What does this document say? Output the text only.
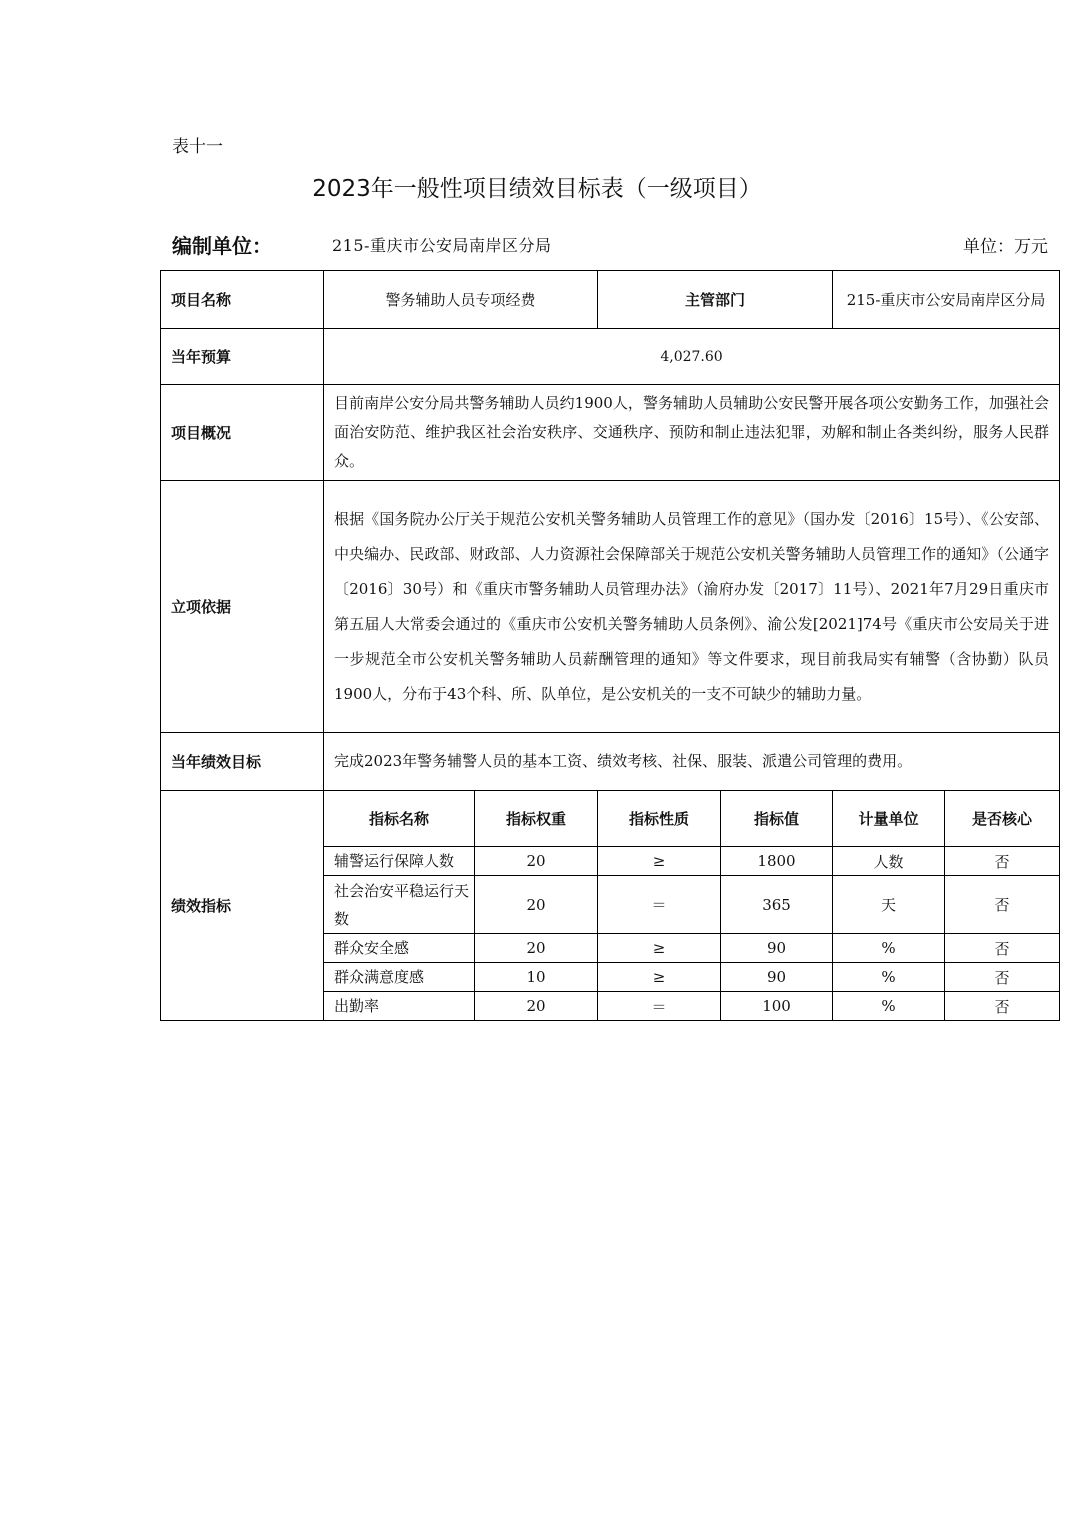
表十一
2023年一般性项目绩效目标表（一级项目）
编制单位：	215-重庆市公安局南岸区分局	单位：万元
项目名称	警务辅助人员专项经费		主管部门		215-重庆市公安局南岸区分局	
当年预算	4,027.60					
项目概况	目前南岸公安分局共警务辅助人员约1900人，警务辅助人员辅助公安民警开展各项公安勤务工作，加强社会面治安防范、维护我区社会治安秩序、交通秩序、预防和制止违法犯罪，劝解和制止各类纠纷，服务人民群众。					
立项依据	根据《国务院办公厅关于规范公安机关警务辅助人员管理工作的意见》（国办发〔2016〕15号）、《公安部、中央编办、民政部、财政部、人力资源社会保障部关于规范公安机关警务辅助人员管理工作的通知》（公通字〔2016〕30号）和《重庆市警务辅助人员管理办法》（渝府办发〔2017〕11号）、2021年7月29日重庆市第五届人大常委会通过的《重庆市公安机关警务辅助人员条例》、渝公发[2021]74号《重庆市公安局关于进一步规范全市公安机关警务辅助人员薪酬管理的通知》等文件要求，现目前我局实有辅警（含协勤）队员1900人，分布于43个科、所、队单位，是公安机关的一支不可缺少的辅助力量。					
当年绩效目标	完成2023年警务辅警人员的基本工资、绩效考核、社保、服装、派遣公司管理的费用。					
绩效指标	指标名称	指标权重	指标性质	指标值	计量单位	是否核心
	辅警运行保障人数	20	≥	1800	人数	否
	社会治安平稳运行天数	20	＝	365	天	否
	群众安全感	20	≥	90	%	否
	群众满意度感	10	≥	90	%	否
	出勤率	20	＝	100	%	否
